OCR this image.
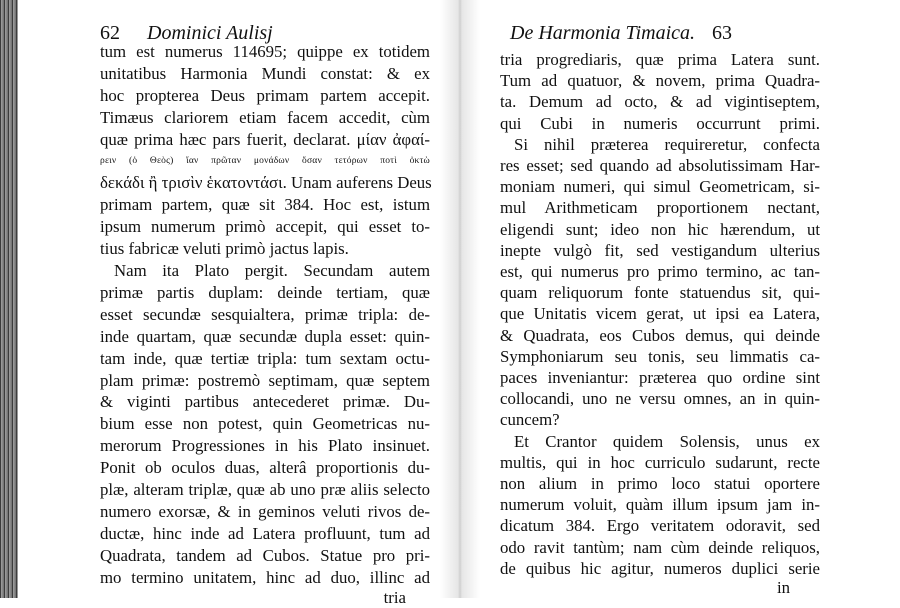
62 Dominici Aulisj
tum est numerus 114695; quippe ex totidem
unitatibus Harmonia Mundi constat: & ex
hoc propterea Deus primam partem accepit.
Timæus clariorem etiam facem accedit, cùm
quæ prima hæc pars fuerit, declarat. μίαν ἀφαί-
ρειν (ὁ Θεὸς) ἴαν πρῶταν μονάδων ὅσαν τετόρων ποτὶ ὀκτὼ
δεκάδι ἢ τρισὶν ἑκατοντάσι. Unam auferens Deus
primam partem, quæ sit 384. Hoc est, istum
ipsum numerum primò accepit, qui esset to-
tius fabricæ veluti primò jactus lapis.
Nam ita Plato pergit. Secundam autem
primæ partis duplam: deinde tertiam, quæ
esset secundæ sesquialtera, primæ tripla: de-
inde quartam, quæ secundæ dupla esset: quin-
tam inde, quæ tertiæ tripla: tum sextam octu-
plam primæ: postremò septimam, quæ septem
& viginti partibus antecederet primæ. Du-
bium esse non potest, quin Geometricas nu-
merorum Progressiones in his Plato insinuet.
Ponit ob oculos duas, alterâ proportionis du-
plæ, alteram triplæ, quæ ab uno præ aliis selecto
numero exorsæ, & in geminos veluti rivos de-
ductæ, hinc inde ad Latera profluunt, tum ad
Quadrata, tandem ad Cubos. Statue pro pri-
mo termino unitatem, hinc ad duo, illinc ad
tria
De Harmonia Timaica. 63
tria progrediaris, quæ prima Latera sunt.
Tum ad quatuor, & novem, prima Quadra-
ta. Demum ad octo, & ad vigintiseptem,
qui Cubi in numeris occurrunt primi.
Si nihil præterea requireretur, confecta
res esset; sed quando ad absolutissimam Har-
moniam numeri, qui simul Geometricam, si-
mul Arithmeticam proportionem nectant,
eligendi sunt; ideo non hic hærendum, ut
inepte vulgò fit, sed vestigandum ulterius
est, qui numerus pro primo termino, ac tan-
quam reliquorum fonte statuendus sit, qui-
que Unitatis vicem gerat, ut ipsi ea Latera,
& Quadrata, eos Cubos demus, qui deinde
Symphoniarum seu tonis, seu limmatis ca-
paces inveniantur: præterea quo ordine sint
collocandi, uno ne versu omnes, an in quin-
cuncem?
Et Crantor quidem Solensis, unus ex
multis, qui in hoc curriculo sudarunt, recte
non alium in primo loco statui oportere
numerum voluit, quàm illum ipsum jam in-
dicatum 384. Ergo veritatem odoravit, sed
odo ravit tantùm; nam cùm deinde reliquos,
de quibus hic agitur, numeros duplici serie
in
